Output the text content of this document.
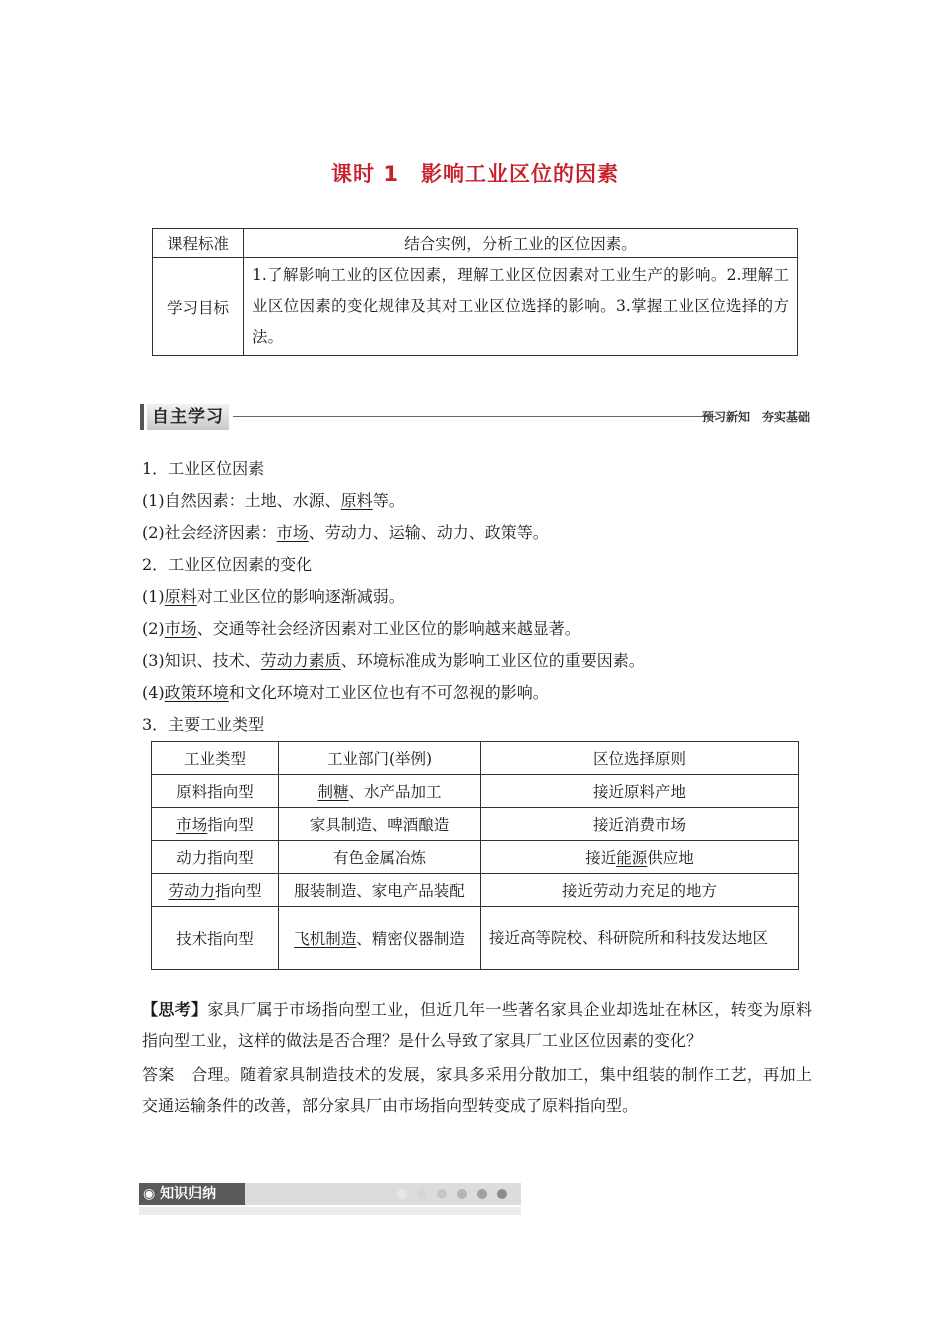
课时 1　影响工业区位的因素
课程标准	结合实例，分析工业的区位因素。
学习目标	1.了解影响工业的区位因素，理解工业区位因素对工业生产的影响。2.理解工业区位因素的变化规律及其对工业区位选择的影响。3.掌握工业区位选择的方法。
自主学习	预习新知　夯实基础
1．工业区位因素
(1)自然因素：土地、水源、原料等。
(2)社会经济因素：市场、劳动力、运输、动力、政策等。
2．工业区位因素的变化
(1)原料对工业区位的影响逐渐减弱。
(2)市场、交通等社会经济因素对工业区位的影响越来越显著。
(3)知识、技术、劳动力素质、环境标准成为影响工业区位的重要因素。
(4)政策环境和文化环境对工业区位也有不可忽视的影响。
3．主要工业类型
工业类型	工业部门(举例)	区位选择原则
原料指向型	制糖、水产品加工	接近原料产地
市场指向型	家具制造、啤酒酿造	接近消费市场
动力指向型	有色金属冶炼	接近能源供应地
劳动力指向型	服装制造、家电产品装配	接近劳动力充足的地方
技术指向型	飞机制造、精密仪器制造	接近高等院校、科研院所和科技发达地区
【思考】家具厂属于市场指向型工业，但近几年一些著名家具企业却选址在林区，转变为原料指向型工业，这样的做法是否合理？是什么导致了家具厂工业区位因素的变化？
答案　 合理。随着家具制造技术的发展，家具多采用分散加工，集中组装的制作工艺，再加上交通运输条件的改善，部分家具厂由市场指向型转变成了原料指向型。
◉ 知识归纳
